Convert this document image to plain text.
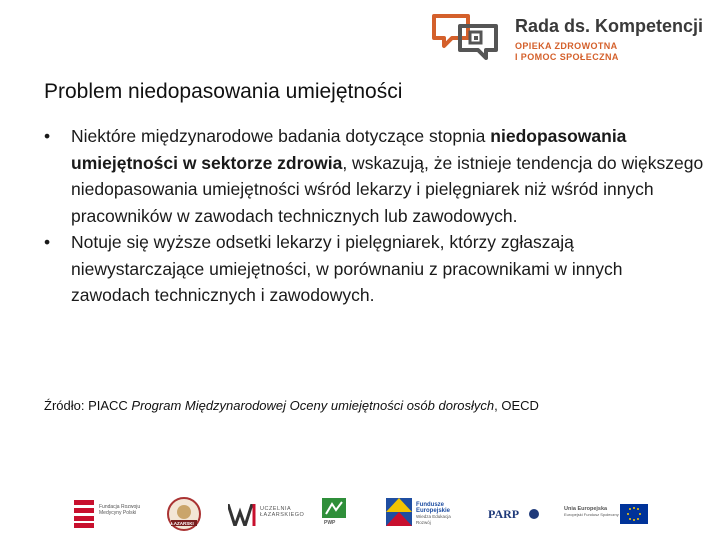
Rada ds. Kompetencji
OPIEKA ZDROWOTNA
I POMOC SPOŁECZNA
Problem niedopasowania umiejętności
• Niektóre międzynarodowe badania dotyczące stopnia niedopasowania umiejętności w sektorze zdrowia, wskazują, że istnieje tendencja do większego niedopasowania umiejętności wśród lekarzy i pielęgniarek niż wśród innych pracowników w zawodach technicznych lub zawodowych.
• Notuje się wyższe odsetki lekarzy i pielęgniarek, którzy zgłaszają niewystarczające umiejętności, w porównaniu z pracownikami w innych zawodach technicznych i zawodowych.
Źródło: PIACC Program Międzynarodowej Oceny umiejętności osób dorosłych, OECD
Fundacja Rozwoju Medycyny Polski
ŁAZARSKI
UCZELNIA
ŁAZARSKIEGO
PWP
Fundusze
Europejskie
Wiedza Edukacja Rozwój
PARP	Unia Europejska
Europejski Fundusz Społeczny
